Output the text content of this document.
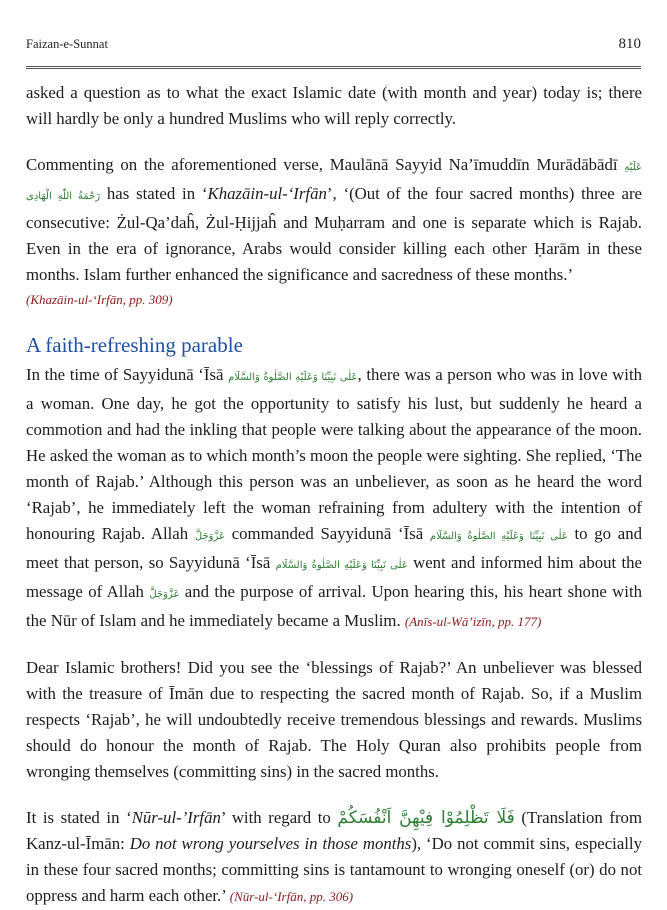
Faizan-e-Sunnat	810

asked a question as to what the exact Islamic date (with month and year) today is; there will hardly be only a hundred Muslims who will reply correctly.

Commenting on the aforementioned verse, Maulānā Sayyid Na’īmuddīn Murādābādī عَلَيْهِ رَحْمَةُ اللّٰهِ الْهَادِى has stated in ‘Khazāin-ul-‘Irfān’, ‘(Out of the four sacred months) three are consecutive: Żul-Qa’daĥ, Żul-Ḥijjaĥ and Muḥarram and one is separate which is Rajab. Even in the era of ignorance, Arabs would consider killing each other Ḥarām in these months. Islam further enhanced the significance and sacredness of these months.’

(Khazāin-ul-‘Irfān, pp. 309)

A faith-refreshing parable

In the time of Sayyidunā ‘Īsā عَلٰى نَبِيِّنَا وَعَلَيْهِ الصَّلٰوةُ وَالسَّلَام, there was a person who was in love with a woman. One day, he got the opportunity to satisfy his lust, but suddenly he heard a commotion and had the inkling that people were talking about the appearance of the moon. He asked the woman as to which month’s moon the people were sighting. She replied, ‘The month of Rajab.’ Although this person was an unbeliever, as soon as he heard the word ‘Rajab’, he immediately left the woman refraining from adultery with the intention of honouring Rajab. Allah عَزَّوَجَلَّ commanded Sayyidunā ‘Īsā عَلٰى نَبِيِّنَا وَعَلَيْهِ الصَّلٰوةُ وَالسَّلَام to go and meet that person, so Sayyidunā ‘Īsā عَلٰى نَبِيِّنَا وَعَلَيْهِ الصَّلٰوةُ وَالسَّلَام went and informed him about the message of Allah عَزَّوَجَلَّ and the purpose of arrival. Upon hearing this, his heart shone with the Nūr of Islam and he immediately became a Muslim. (Anīs-ul-Wā’izīn, pp. 177)

Dear Islamic brothers! Did you see the ‘blessings of Rajab?’ An unbeliever was blessed with the treasure of Īmān due to respecting the sacred month of Rajab. So, if a Muslim respects ‘Rajab’, he will undoubtedly receive tremendous blessings and rewards. Muslims should do honour the month of Rajab. The Holy Quran also prohibits people from wronging themselves (committing sins) in the sacred months.

It is stated in ‘Nūr-ul-’Irfān’ with regard to فَلَا تَظْلِمُوْا فِيْهِنَّ اَنْفُسَكُمْ (Translation from Kanz-ul-Īmān: Do not wrong yourselves in those months), ‘Do not commit sins, especially in these four sacred months; committing sins is tantamount to wronging oneself (or) do not oppress and harm each other.’ (Nūr-ul-‘Irfān, pp. 306)
